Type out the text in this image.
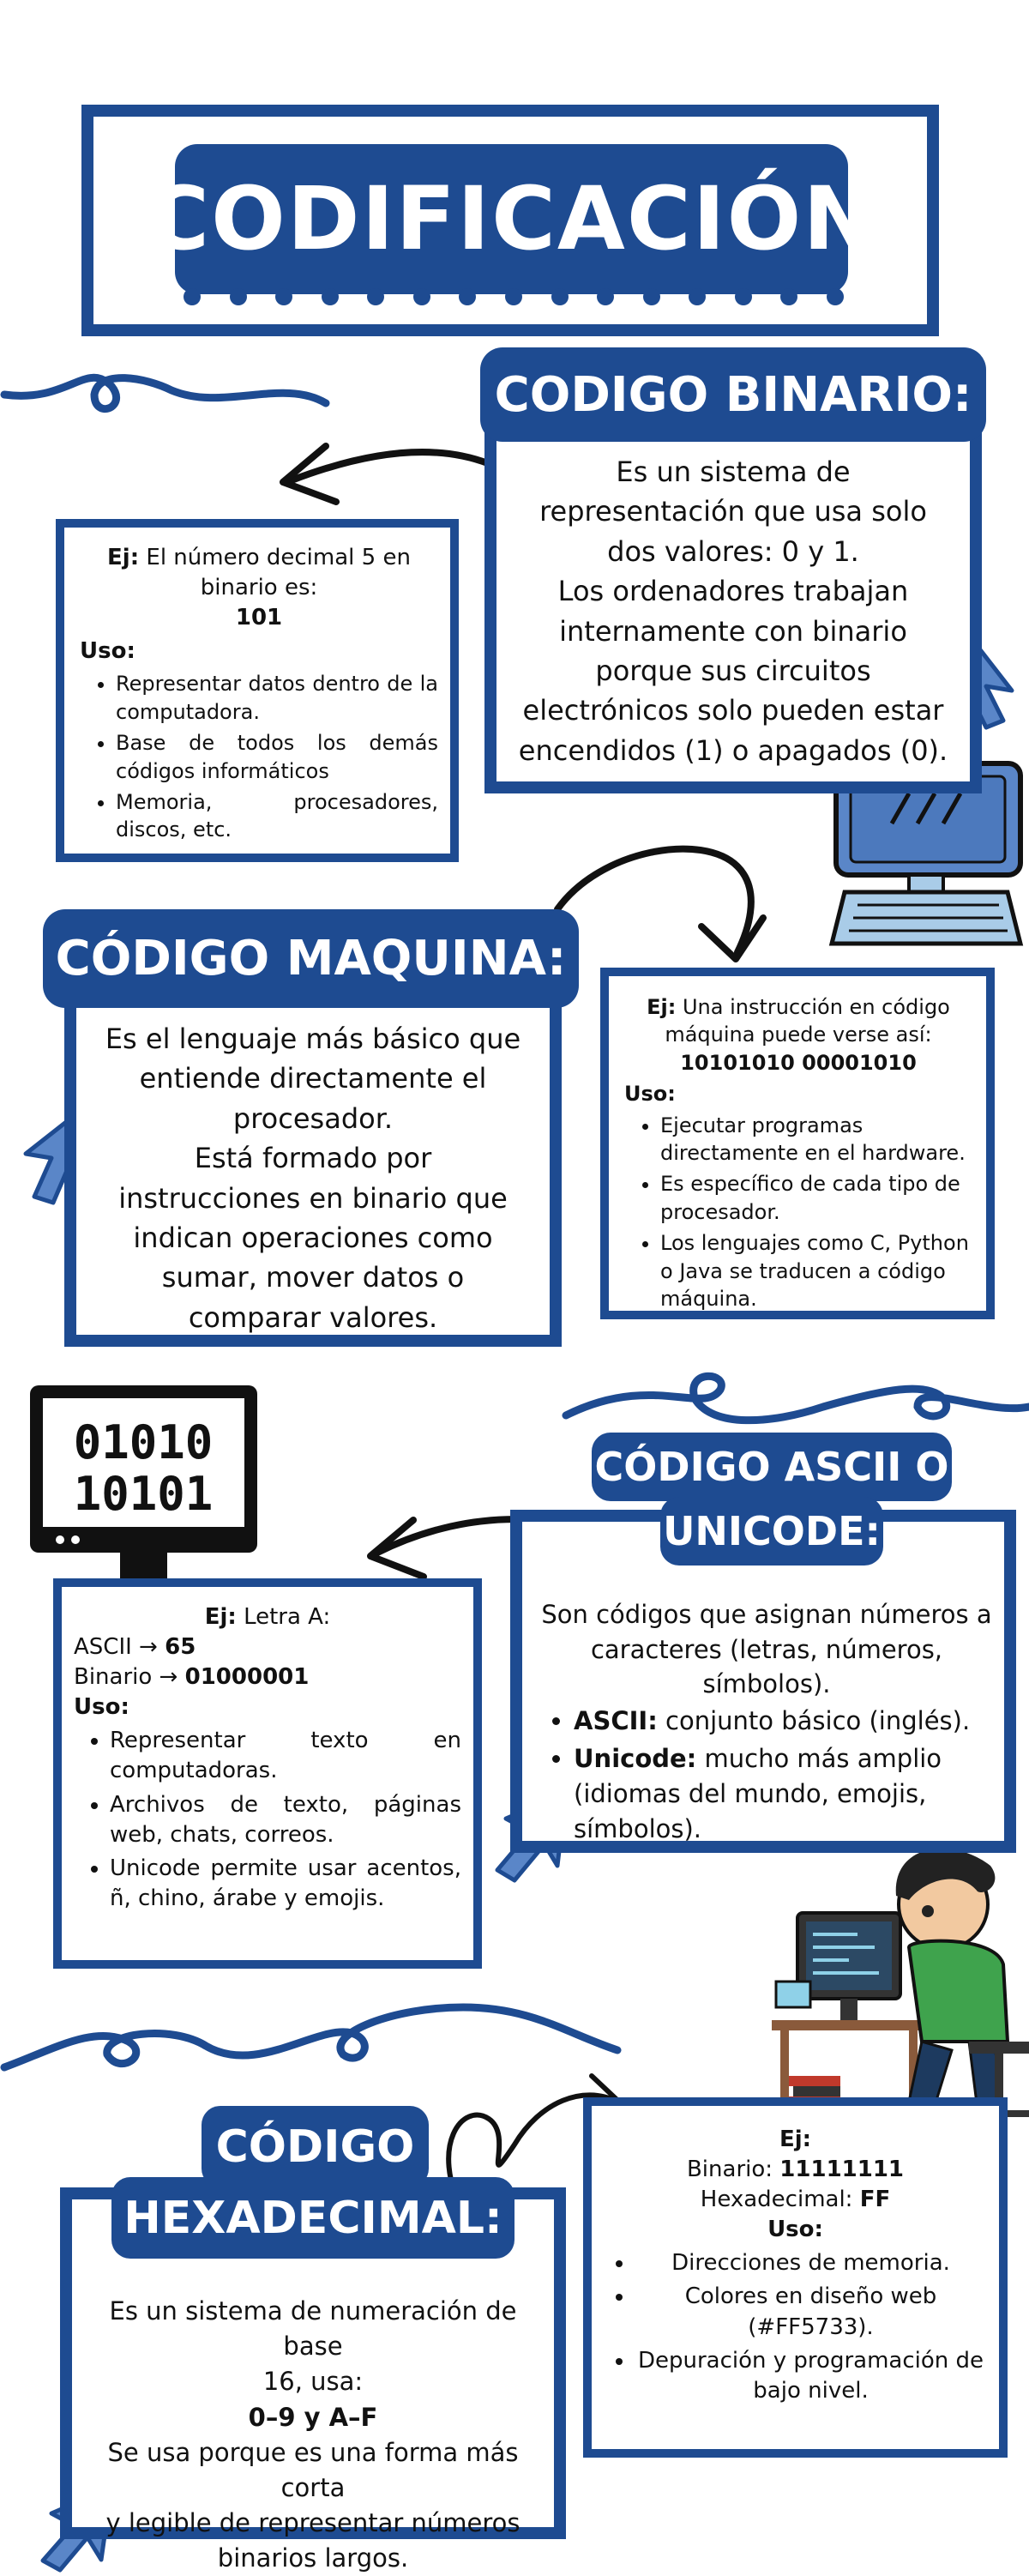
01010
10101
CODIFICACIÓN
Es un sistema de
representación que usa solo
dos valores: 0 y 1.
Los ordenadores trabajan
internamente con binario
porque sus circuitos
electrónicos solo pueden estar
encendidos (1) o apagados (0).
CODIGO BINARIO:
Ej: El número decimal 5 en binario es:
101
Uso:
• Representar datos dentro de la computadora.
• Base de todos los demás códigos informáticos
• Memoria, procesadores, discos, etc.
Es el lenguaje más básico que
entiende directamente el
procesador.
Está formado por
instrucciones en binario que
indican operaciones como
sumar, mover datos o
comparar valores.
CÓDIGO MAQUINA:
Ej: Una instrucción en código máquina puede verse así:
10101010 00001010
Uso:
• Ejecutar programas directamente en el hardware.
• Es específico de cada tipo de procesador.
• Los lenguajes como C, Python o Java se traducen a código máquina.
Son códigos que asignan números a
caracteres (letras, números,
símbolos).
• ASCII: conjunto básico (inglés).
• Unicode: mucho más amplio (idiomas del mundo, emojis, símbolos).
CÓDIGO ASCII O
UNICODE:
Ej: Letra A:
ASCII → 65
Binario → 01000001
Uso:
• Representar texto en computadoras.
• Archivos de texto, páginas web, chats, correos.
• Unicode permite usar acentos, ñ, chino, árabe y emojis.
Es un sistema de numeración de base
16, usa:
0–9 y A–F
Se usa porque es una forma más corta
y legible de representar números
binarios largos.
CÓDIGO
HEXADECIMAL:
Ej:
Binario: 11111111
Hexadecimal: FF
Uso:
• Direcciones de memoria.
• Colores en diseño web (#FF5733).
• Depuración y programación de bajo nivel.
